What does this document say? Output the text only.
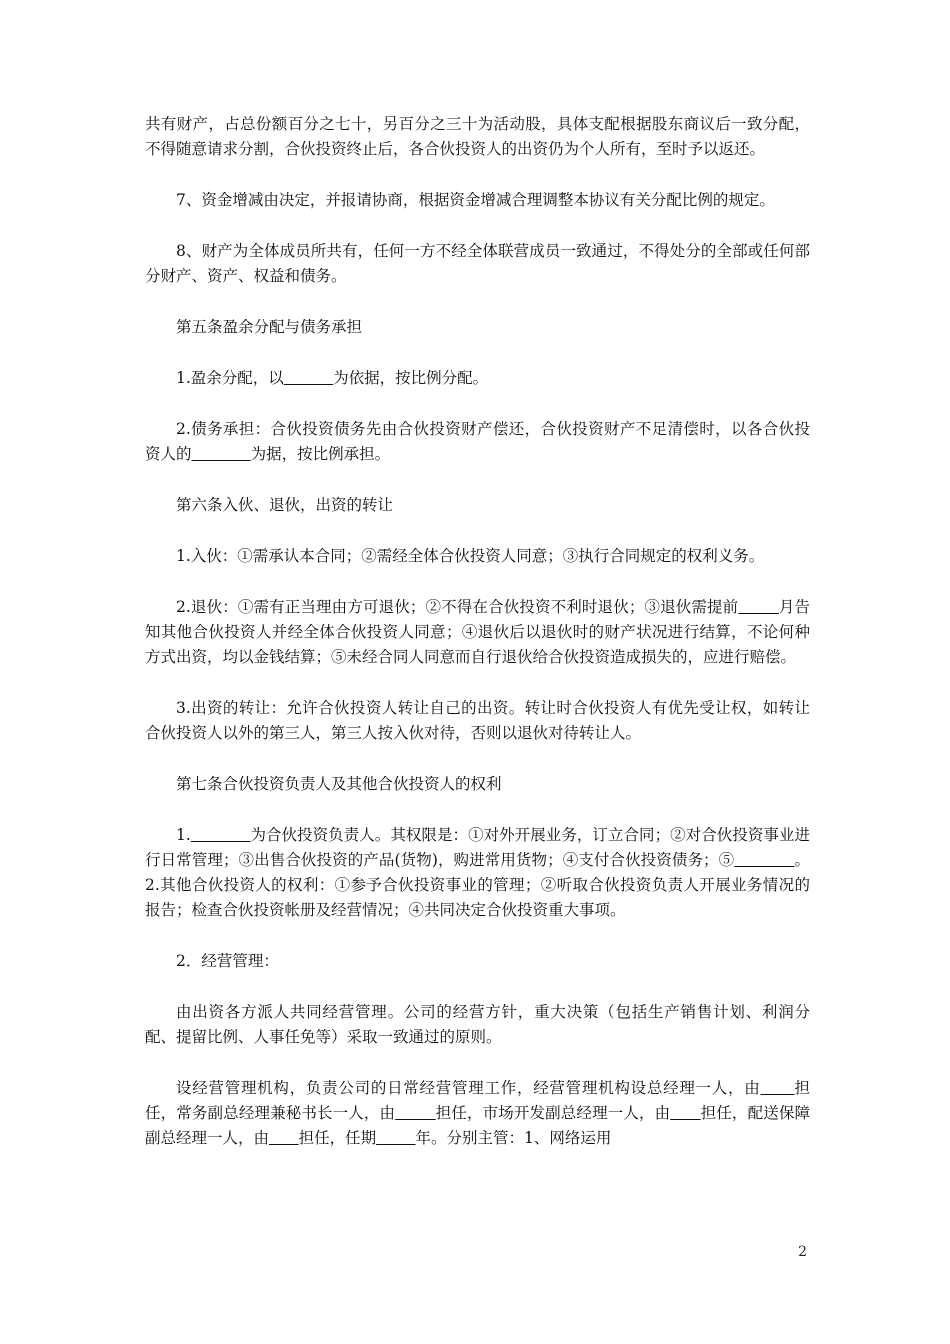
共有财产，占总份额百分之七十，另百分之三十为活动股，具体支配根据股东商议后一致分配，不得随意请求分割，合伙投资终止后，各合伙投资人的出资仍为个人所有，至时予以返还。

7、资金增减由决定，并报请协商，根据资金增减合理调整本协议有关分配比例的规定。

8、财产为全体成员所共有，任何一方不经全体联营成员一致通过，不得处分的全部或任何部分财产、资产、权益和债务。

第五条盈余分配与债务承担

1.盈余分配，以	为依据，按比例分配。

2.债务承担：合伙投资债务先由合伙投资财产偿还，合伙投资财产不足清偿时，以各合伙投资人的	为据，按比例承担。

第六条入伙、退伙，出资的转让

1.入伙：①需承认本合同；②需经全体合伙投资人同意；③执行合同规定的权利义务。

2.退伙：①需有正当理由方可退伙；②不得在合伙投资不利时退伙；③退伙需提前	月告知其他合伙投资人并经全体合伙投资人同意；④退伙后以退伙时的财产状况进行结算，不论何种方式出资，均以金钱结算；⑤未经合同人同意而自行退伙给合伙投资造成损失的，应进行赔偿。

3.出资的转让：允许合伙投资人转让自己的出资。转让时合伙投资人有优先受让权，如转让合伙投资人以外的第三人，第三人按入伙对待，否则以退伙对待转让人。

第七条合伙投资负责人及其他合伙投资人的权利

1.	为合伙投资负责人。其权限是：①对外开展业务，订立合同；②对合伙投资事业进行日常管理；③出售合伙投资的产品(货物)，购进常用货物；④支付合伙投资债务；⑤	。2.其他合伙投资人的权利：①参予合伙投资事业的管理；②听取合伙投资负责人开展业务情况的报告；检查合伙投资帐册及经营情况；④共同决定合伙投资重大事项。

2．经营管理：

由出资各方派人共同经营管理。公司的经营方针，重大决策（包括生产销售计划、利润分配、提留比例、人事任免等）采取一致通过的原则。

设经营管理机构，负责公司的日常经营管理工作，经营管理机构设总经理一人，由 担任，常务副总经理兼秘书长一人，由	担任，市场开发副总经理一人，由 担任，配送保障副总经理一人，由 担任，任期	年。分别主管：1、网络运用

2
